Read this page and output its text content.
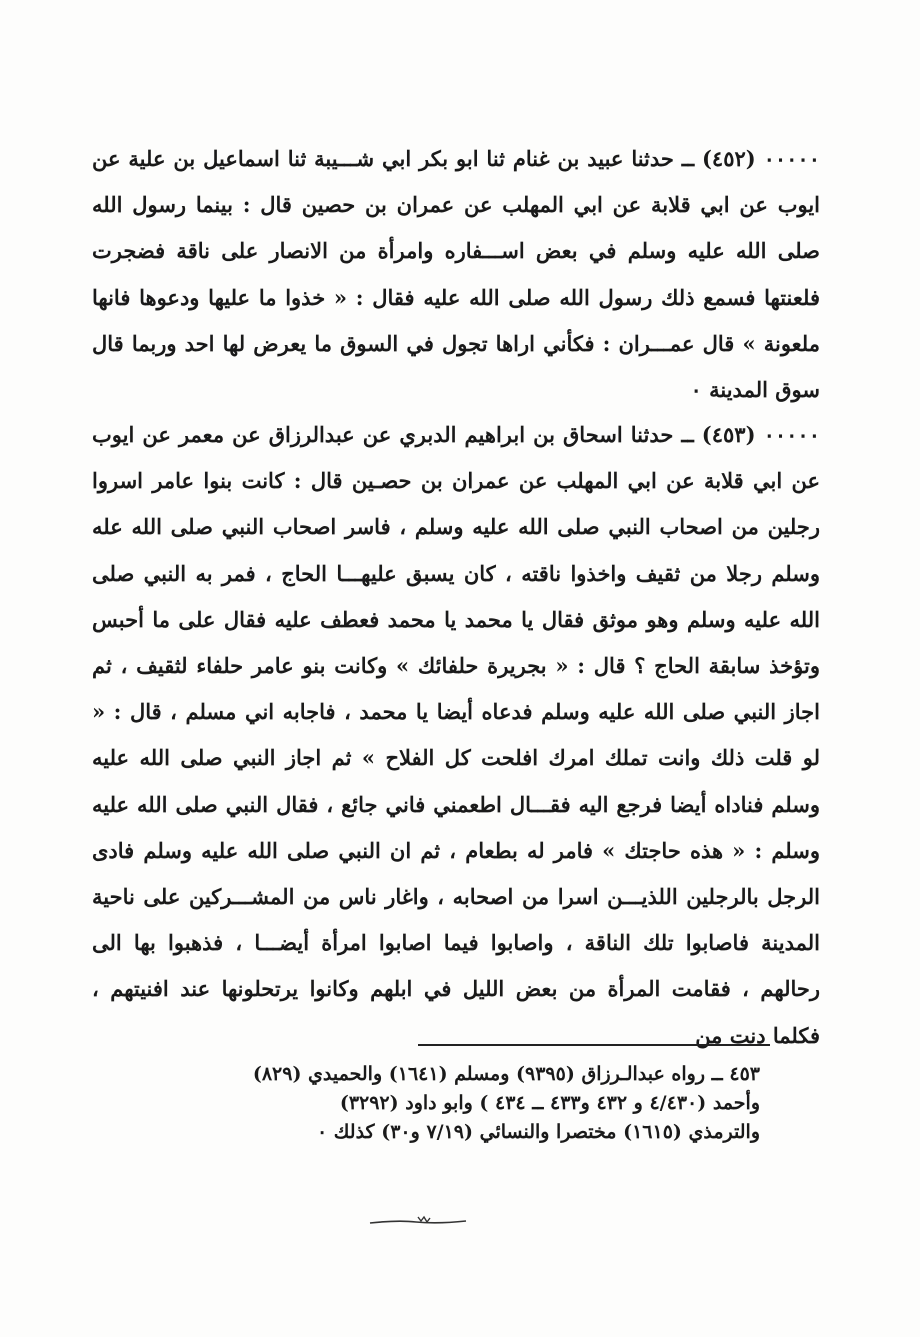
٠٠٠٠٠ (٤٥٢) ــ حدثنا عبيد بن غنام ثنا ابو بكر ابي شـــيبة ثنا اسماعيل بن علية عن ايوب عن ابي قلابة عن ابي المهلب عن عمران بن حصين قال : بينما رسول الله صلى الله عليه وسلم في بعض اســـفاره وامرأة من الانصار على ناقة فضجرت فلعنتها فسمع ذلك رسول الله صلى الله عليه فقال : « خذوا ما عليها ودعوها فانها ملعونة » قال عمـــران : فكأني اراها تجول في السوق ما يعرض لها احد وربما قال سوق المدينة ٠

٠٠٠٠٠ (٤٥٣) ــ حدثنا اسحاق بن ابراهيم الدبري عن عبدالرزاق عن معمر عن ايوب عن ابي قلابة عن ابي المهلب عن عمران بن حصـين قال : كانت بنوا عامر اسروا رجلين من اصحاب النبي صلى الله عليه وسلم ، فاسر اصحاب النبي صلى الله عله وسلم رجلا من ثقيف واخذوا ناقته ، كان يسبق عليهـــا الحاج ، فمر به النبي صلى الله عليه وسلم وهو موثق فقال يا محمد يا محمد فعطف عليه فقال على ما أحبس وتؤخذ سابقة الحاج ؟ قال : « بجريرة حلفائك » وكانت بنو عامر حلفاء لثقيف ، ثم اجاز النبي صلى الله عليه وسلم فدعاه أيضا يا محمد ، فاجابه اني مسلم ، قال : « لو قلت ذلك وانت تملك امرك افلحت كل الفلاح » ثم اجاز النبي صلى الله عليه وسلم فناداه أيضا فرجع اليه فقـــال اطعمني فاني جائع ، فقال النبي صلى الله عليه وسلم : « هذه حاجتك » فامر له بطعام ، ثم ان النبي صلى الله عليه وسلم فادى الرجل بالرجلين اللذيـــن اسرا من اصحابه ، واغار ناس من المشـــركين على ناحية المدينة فاصابوا تلك الناقة ، واصابوا فيما اصابوا امرأة أيضـــا ، فذهبوا بها الى رحالهم ، فقامت المرأة من بعض الليل في ابلهم وكانوا يرتحلونها عند افنيتهم ، فكلما دنت من

٤٥٣ ــ رواه عبدالـرزاق (٩٣٩٥) ومسلم (١٦٤١) والحميدي (٨٢٩)

وأحمد (٤/٤٣٠ و ٤٣٢ و٤٣٣ ــ ٤٣٤ ) وابو داود (٣٢٩٢)

والترمذي (١٦١٥) مختصرا والنسائي (٧/١٩ و٣٠) كذلك ٠
